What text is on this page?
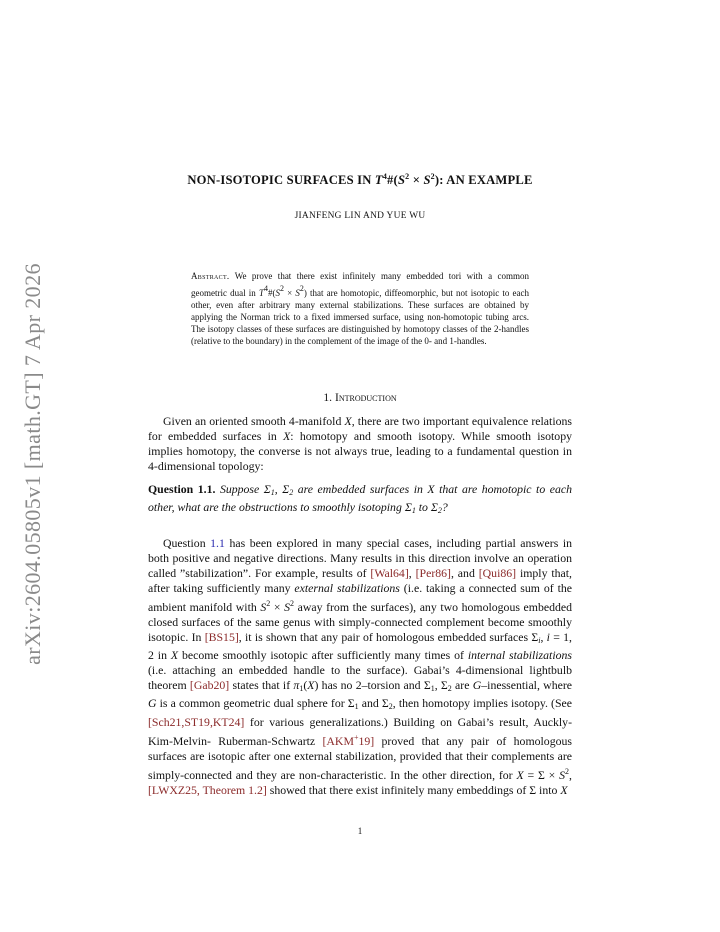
arXiv:2604.05805v1 [math.GT] 7 Apr 2026
NON-ISOTOPIC SURFACES IN $T^4\#(S^2 \times S^2)$: AN EXAMPLE
JIANFENG LIN AND YUE WU
Abstract. We prove that there exist infinitely many embedded tori with a common geometric dual in T4#(S2 × S2) that are homotopic, diffeomorphic, but not isotopic to each other, even after arbitrary many external stabilizations. These surfaces are obtained by applying the Norman trick to a fixed immersed surface, using non-homotopic tubing arcs. The isotopy classes of these surfaces are distinguished by homotopy classes of the 2-handles (relative to the boundary) in the complement of the image of the 0- and 1-handles.
1. Introduction
Given an oriented smooth 4-manifold X, there are two important equivalence relations for embedded surfaces in X: homotopy and smooth isotopy. While smooth isotopy implies homotopy, the converse is not always true, leading to a fundamental question in 4-dimensional topology:
Question 1.1. Suppose $\Sigma_1$, $\Sigma_2$ are embedded surfaces in X that are homotopic to each other, what are the obstructions to smoothly isotoping $\Sigma_1$ to $\Sigma_2$?
Question 1.1 has been explored in many special cases, including partial answers in both positive and negative directions. Many results in this direction involve an operation called ”stabilization”. For example, results of [Wal64], [Per86], and [Qui86] imply that, after taking sufficiently many external stabilizations (i.e. taking a connected sum of the ambient manifold with $S^2 \times S^2$ away from the surfaces), any two homologous embedded closed surfaces of the same genus with simply-connected complement become smoothly isotopic. In [BS15], it is shown that any pair of homologous embedded surfaces $\Sigma_i$, i = 1, 2 in X become smoothly isotopic after sufficiently many times of internal stabilizations (i.e. attaching an embedded handle to the surface). Gabai’s 4-dimensional lightbulb theorem [Gab20] states that if $\pi_1(X)$ has no 2–torsion and $\Sigma_1$, $\Sigma_2$ are G–inessential, where G is a common geometric dual sphere for $\Sigma_1$ and $\Sigma_2$, then homotopy implies isotopy. (See [Sch21,ST19,KT24] for various generalizations.) Building on Gabai’s result, Auckly-Kim-Melvin- Ruberman-Schwartz [AKM+19] proved that any pair of homologous surfaces are isotopic after one external stabilization, provided that their complements are simply-connected and they are non-characteristic. In the other direction, for $X = \Sigma \times S^2$, [LWXZ25, Theorem 1.2] showed that there exist infinitely many embeddings of Σ into X
1
